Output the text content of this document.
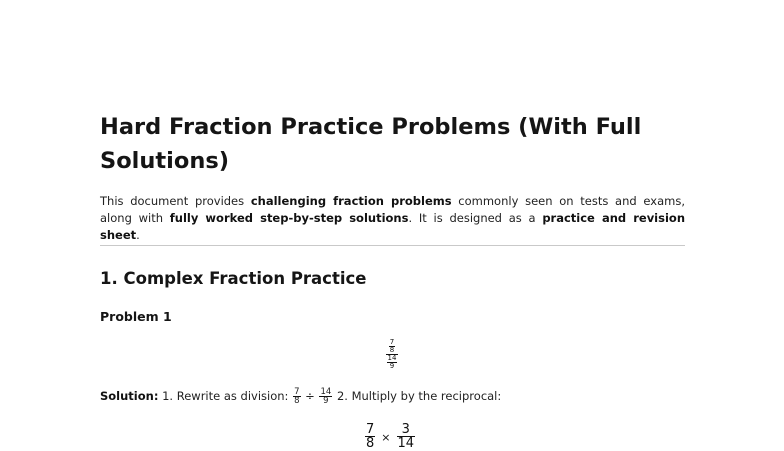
Hard Fraction Practice Problems (With Full Solutions)

This document provides challenging fraction problems commonly seen on tests and exams, along with fully worked step-by-step solutions. It is designed as a practice and revision sheet.

1. Complex Fraction Practice
Problem 1
$\frac{\frac{7}{8}}{\frac{14}{9}}$

Solution: 1. Rewrite as division: $\frac{7}{8} \div \frac{14}{9} 2$. Multiply by the reciprocal:

$\frac{7}{8} \times \frac{3}{14}$
